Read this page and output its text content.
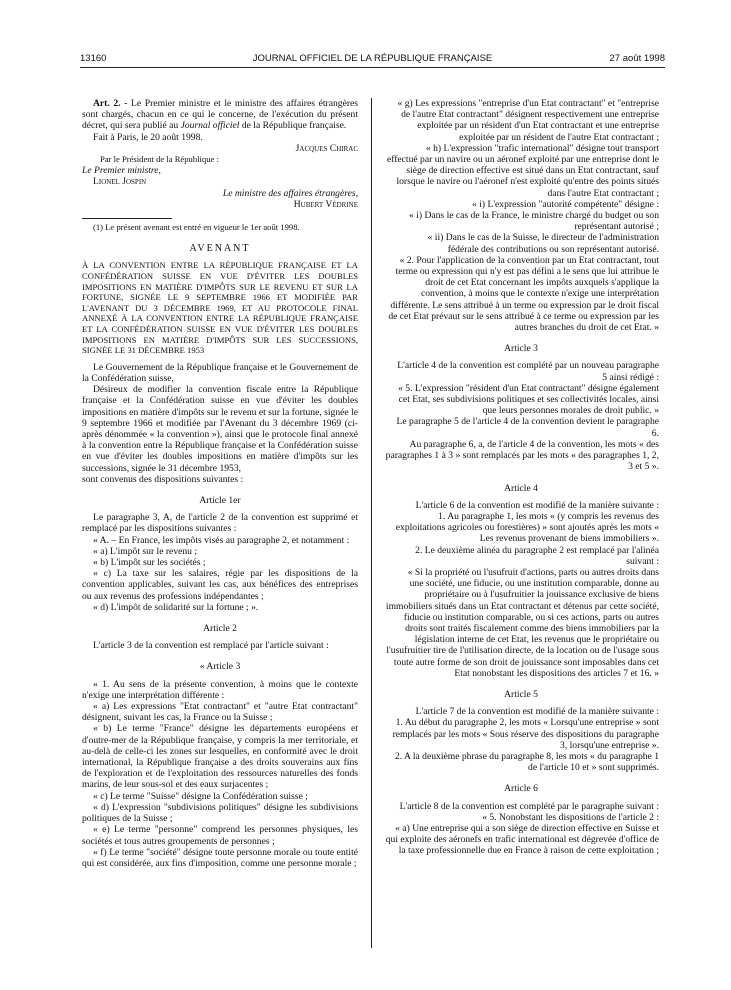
13160	JOURNAL OFFICIEL DE LA RÉPUBLIQUE FRANÇAISE	27 août 1998

Art. 2. - Le Premier ministre et le ministre des affaires étrangères sont chargés, chacun en ce qui le concerne, de l'exécution du présent décret, qui sera publié au Journal officiel de la République française.

Fait à Paris, le 20 août 1998.

Jacques Chirac

Par le Président de la République :

Le Premier ministre,

Lionel Jospin

Le ministre des affaires étrangères,

Hubert Védrine

(1) Le présent avenant est entré en vigueur le 1er août 1998.

AVENANT

À LA CONVENTION ENTRE LA RÉPUBLIQUE FRANÇAISE ET LA CONFÉDÉRATION SUISSE EN VUE D'ÉVITER LES DOUBLES IMPOSITIONS EN MATIÈRE D'IMPÔTS SUR LE REVENU ET SUR LA FORTUNE, SIGNÉE LE 9 SEPTEMBRE 1966 ET MODIFIÉE PAR L'AVENANT DU 3 DÉCEMBRE 1969, ET AU PROTOCOLE FINAL ANNEXÉ À LA CONVENTION ENTRE LA RÉPUBLIQUE FRANÇAISE ET LA CONFÉDÉRATION SUISSE EN VUE D'ÉVITER LES DOUBLES IMPOSITIONS EN MATIÈRE D'IMPÔTS SUR LES SUCCESSIONS, SIGNÉE LE 31 DÉCEMBRE 1953

Le Gouvernement de la République française et le Gouvernement de la Confédération suisse,

Désireux de modifier la convention fiscale entre la République française et la Confédération suisse en vue d'éviter les doubles impositions en matière d'impôts sur le revenu et sur la fortune, signée le 9 septembre 1966 et modifiée par l'Avenant du 3 décembre 1969 (ci-après dénommée « la convention »), ainsi que le protocole final annexé à la convention entre la République française et la Confédération suisse en vue d'éviter les doubles impositions en matière d'impôts sur les successions, signée le 31 décembre 1953,

sont convenus des dispositions suivantes :

Article 1er

Le paragraphe 3, A, de l'article 2 de la convention est supprimé et remplacé par les dispositions suivantes :

« A. – En France, les impôts visés au paragraphe 2, et notamment :

« a) L'impôt sur le revenu ;

« b) L'impôt sur les sociétés ;

« c) La taxe sur les salaires, régie par les dispositions de la convention applicables, suivant les cas, aux bénéfices des entreprises ou aux revenus des professions indépendantes ;

« d) L'impôt de solidarité sur la fortune ; ».

Article 2

L'article 3 de la convention est remplacé par l'article suivant :

« Article 3

« 1. Au sens de la présente convention, à moins que le contexte n'exige une interprétation différente :

« a) Les expressions "Etat contractant" et "autre Etat contractant" désignent, suivant les cas, la France ou la Suisse ;

« b) Le terme "France" désigne les départements européens et d'outre-mer de la République française, y compris la mer territoriale, et au-delà de celle-ci les zones sur lesquelles, en conformité avec le droit international, la République française a des droits souverains aux fins de l'exploration et de l'exploitation des ressources naturelles des fonds marins, de leur sous-sol et des eaux surjacentes ;

« c) Le terme "Suisse" désigne la Confédération suisse ;

« d) L'expression "subdivisions politiques" désigne les subdivisions politiques de la Suisse ;

« e) Le terme "personne" comprend les personnes physiques, les sociétés et tous autres groupements de personnes ;

« f) Le terme "société" désigne toute personne morale ou toute entité qui est considérée, aux fins d'imposition, comme une personne morale ;

« g) Les expressions "entreprise d'un Etat contractant" et "entreprise de l'autre Etat contractant" désignent respectivement une entreprise exploitée par un résident d'un Etat contractant et une entreprise exploitée par un résident de l'autre Etat contractant ;

« h) L'expression "trafic international" désigne tout transport effectué par un navire ou un aéronef exploité par une entreprise dont le siège de direction effective est situé dans un Etat contractant, sauf lorsque le navire ou l'aéronef n'est exploité qu'entre des points situés dans l'autre Etat contractant ;

« i) L'expression "autorité compétente" désigne :

« i) Dans le cas de la France, le ministre chargé du budget ou son représentant autorisé ;

« ii) Dans le cas de la Suisse, le directeur de l'administration fédérale des contributions ou son représentant autorisé.

« 2. Pour l'application de la convention par un Etat contractant, tout terme ou expression qui n'y est pas défini a le sens que lui attribue le droit de cet Etat concernant les impôts auxquels s'applique la convention, à moins que le contexte n'exige une interprétation différente. Le sens attribué à un terme ou expression par le droit fiscal de cet Etat prévaut sur le sens attribué à ce terme ou expression par les autres branches du droit de cet Etat. »

Article 3

L'article 4 de la convention est complété par un nouveau paragraphe 5 ainsi rédigé :

« 5. L'expression "résident d'un Etat contractant" désigne également cet Etat, ses subdivisions politiques et ses collectivités locales, ainsi que leurs personnes morales de droit public. »

Le paragraphe 5 de l'article 4 de la convention devient le paragraphe 6.

Au paragraphe 6, a, de l'article 4 de la convention, les mots « des paragraphes 1 à 3 » sont remplacés par les mots « des paragraphes 1, 2, 3 et 5 ».

Article 4

L'article 6 de la convention est modifié de la manière suivante :

1. Au paragraphe 1, les mots « (y compris les revenus des exploitations agricoles ou forestières) » sont ajoutés après les mots « Les revenus provenant de biens immobiliers ».

2. Le deuxième alinéa du paragraphe 2 est remplacé par l'alinéa suivant :

« Si la propriété ou l'usufruit d'actions, parts ou autres droits dans une société, une fiducie, ou une institution comparable, donne au propriétaire ou à l'usufruitier la jouissance exclusive de biens immobiliers situés dans un Etat contractant et détenus par cette société, fiducie ou institution comparable, ou si ces actions, parts ou autres droits sont traités fiscalement comme des biens immobiliers par la législation interne de cet Etat, les revenus que le propriétaire ou l'usufruitier tire de l'utilisation directe, de la location ou de l'usage sous toute autre forme de son droit de jouissance sont imposables dans cet Etat nonobstant les dispositions des articles 7 et 16. »

Article 5

L'article 7 de la convention est modifié de la manière suivante :

1. Au début du paragraphe 2, les mots « Lorsqu'une entreprise » sont remplacés par les mots « Sous réserve des dispositions du paragraphe 3, lorsqu'une entreprise ».

2. A la deuxième phrase du paragraphe 8, les mots « du paragraphe 1 de l'article 10 et » sont supprimés.

Article 6

L'article 8 de la convention est complété par le paragraphe suivant :

« 5. Nonobstant les dispositions de l'article 2 :

« a) Une entreprise qui a son siège de direction effective en Suisse et qui exploite des aéronefs en trafic international est dégrevée d'office de la taxe professionnelle due en France à raison de cette exploitation ;
